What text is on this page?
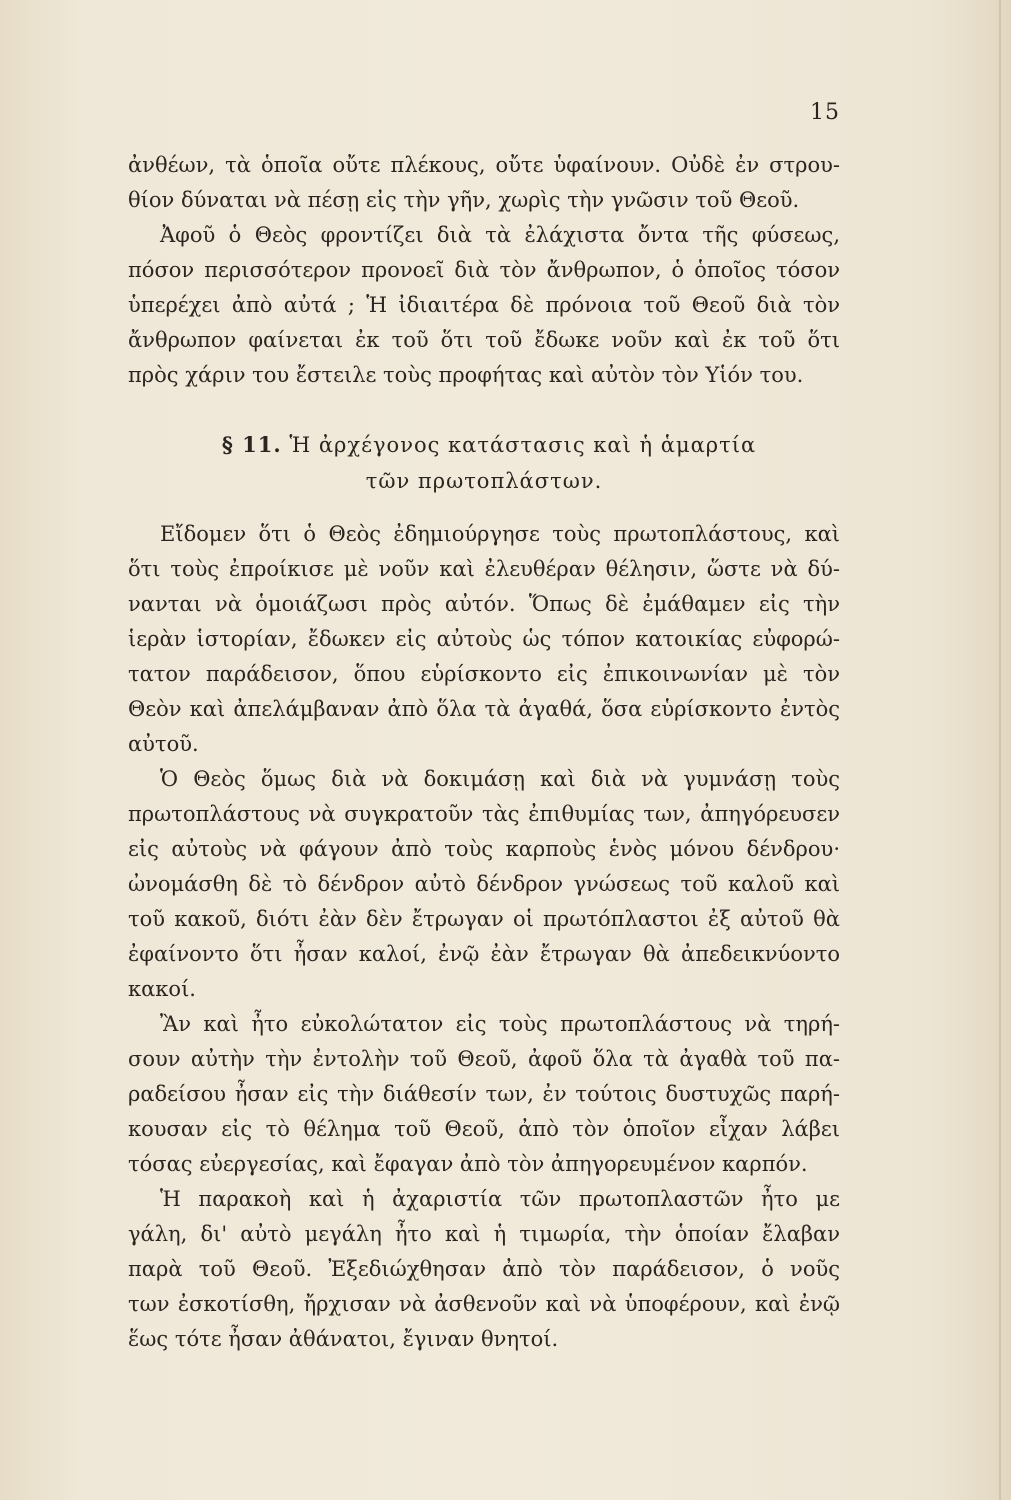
15
ἀνθέων, τὰ ὁποῖα οὔτε πλέκους, οὔτε ὑφαίνουν. Οὐδὲ ἐν στρου-
θίον δύναται νὰ πέσῃ εἰς τὴν γῆν, χωρὶς τὴν γνῶσιν τοῦ Θεοῦ.
Ἀφοῦ ὁ Θεὸς φροντίζει διὰ τὰ ἐλάχιστα ὄντα τῆς φύσεως,
πόσον περισσότερον προνοεῖ διὰ τὸν ἄνθρωπον, ὁ ὁποῖος τόσον
ὑπερέχει ἀπὸ αὐτά ; Ἡ ἰδιαιτέρα δὲ πρόνοια τοῦ Θεοῦ διὰ τὸν
ἄνθρωπον φαίνεται ἐκ τοῦ ὅτι τοῦ ἔδωκε νοῦν καὶ ἐκ τοῦ ὅτι
πρὸς χάριν του ἔστειλε τοὺς προφήτας καὶ αὐτὸν τὸν Υἱόν του.
§ 11. Ἡ ἀρχέγονος κατάστασις καὶ ἡ ἁμαρτία
τῶν πρωτοπλάστων.
Εἴδομεν ὅτι ὁ Θεὸς ἐδημιούργησε τοὺς πρωτοπλάστους, καὶ
ὅτι τοὺς ἐπροίκισε μὲ νοῦν καὶ ἐλευθέραν θέλησιν, ὥστε νὰ δύ-
νανται νὰ ὁμοιάζωσι πρὸς αὐτόν. Ὅπως δὲ ἐμάθαμεν εἰς τὴν
ἱερὰν ἱστορίαν, ἔδωκεν εἰς αὐτοὺς ὡς τόπον κατοικίας εὐφορώ-
τατον παράδεισον, ὅπου εὑρίσκοντο εἰς ἐπικοινωνίαν μὲ τὸν
Θεὸν καὶ ἀπελάμβαναν ἀπὸ ὅλα τὰ ἀγαθά, ὅσα εὑρίσκοντο ἐντὸς
αὐτοῦ.
Ὁ Θεὸς ὅμως διὰ νὰ δοκιμάσῃ καὶ διὰ νὰ γυμνάσῃ τοὺς
πρωτοπλάστους νὰ συγκρατοῦν τὰς ἐπιθυμίας των, ἀπηγόρευσεν
εἰς αὐτοὺς νὰ φάγουν ἀπὸ τοὺς καρποὺς ἑνὸς μόνου δένδρου·
ὠνομάσθη δὲ τὸ δένδρον αὐτὸ δένδρον γνώσεως τοῦ καλοῦ καὶ
τοῦ κακοῦ, διότι ἐὰν δὲν ἔτρωγαν οἱ πρωτόπλαστοι ἐξ αὐτοῦ θὰ
ἐφαίνοντο ὅτι ἦσαν καλοί, ἐνῷ ἐὰν ἔτρωγαν θὰ ἀπεδεικνύοντο
κακοί.
Ἂν καὶ ἦτο εὐκολώτατον εἰς τοὺς πρωτοπλάστους νὰ τηρή-
σουν αὐτὴν τὴν ἐντολὴν τοῦ Θεοῦ, ἀφοῦ ὅλα τὰ ἀγαθὰ τοῦ πα-
ραδείσου ἦσαν εἰς τὴν διάθεσίν των, ἐν τούτοις δυστυχῶς παρή-
κουσαν εἰς τὸ θέλημα τοῦ Θεοῦ, ἀπὸ τὸν ὁποῖον εἶχαν λάβει
τόσας εὐεργεσίας, καὶ ἔφαγαν ἀπὸ τὸν ἀπηγορευμένον καρπόν.
Ἡ παρακοὴ καὶ ἡ ἀχαριστία τῶν πρωτοπλαστῶν ἦτο με
γάλη, δι' αὐτὸ μεγάλη ἦτο καὶ ἡ τιμωρία, τὴν ὁποίαν ἔλαβαν
παρὰ τοῦ Θεοῦ. Ἐξεδιώχθησαν ἀπὸ τὸν παράδεισον, ὁ νοῦς
των ἐσκοτίσθη, ἤρχισαν νὰ ἀσθενοῦν καὶ νὰ ὑποφέρουν, καὶ ἐνῷ
ἕως τότε ἦσαν ἀθάνατοι, ἔγιναν θνητοί.
